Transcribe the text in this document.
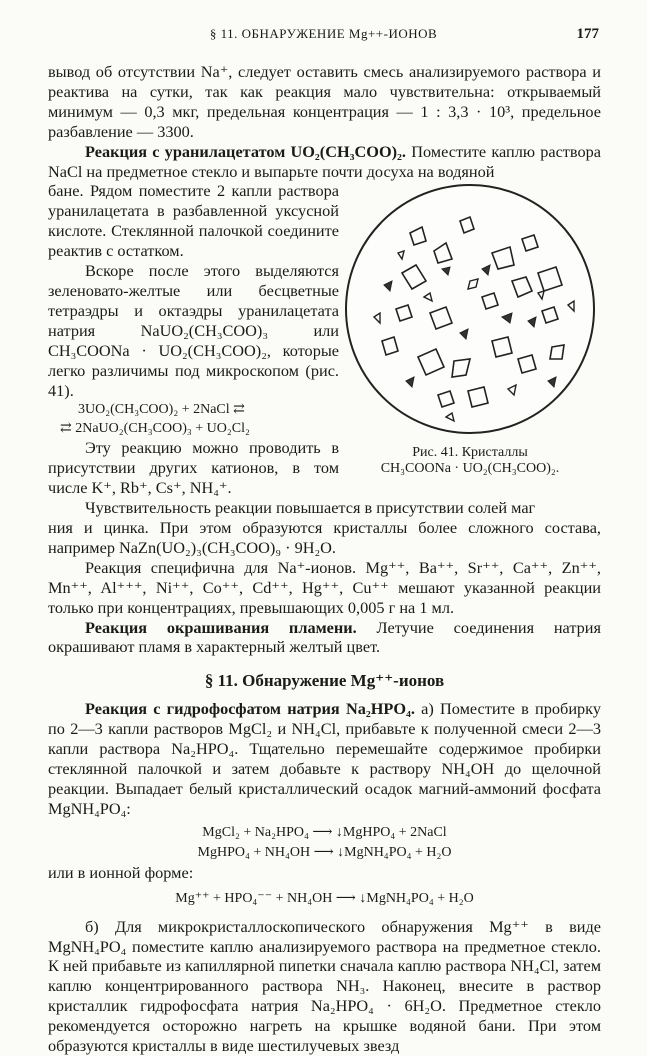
§ 11. ОБНАРУЖЕНИЕ Mg++-ИОНОВ	177

вывод об отсутствии Na⁺, следует оставить смесь анализируемого раствора и реактива на сутки, так как реакция мало чувствительна: открываемый минимум — 0,3 мкг, предельная концентрация — 1 : 3,3 · 10³, предельное разбавление — 3300.

Реакция с уранилацетатом UO₂(CH₃COO)₂. Поместите каплю раствора NaCl на предметное стекло и выпарьте почти досуха на водяной

Рис. 41. Кристаллы
CH₃COONa · UO₂(CH₃COO)₂.

бане. Рядом поместите 2 капли раствора уранилацетата в разбавленной уксусной кислоте. Стеклянной палочкой соедините реактив с остатком.

Вскоре после этого выделяются зеленовато-желтые или бесцветные тетраэдры и октаэдры уранилацетата натрия NaUO₂(CH₃COO)₃ или CH₃COONa · UO₂(CH₃COO)₂, которые легко различимы под микроскопом (рис. 41).

3UO₂(CH₃COO)₂ + 2NaCl ⇄
⇄ 2NaUO₂(CH₃COO)₃ + UO₂Cl₂

Эту реакцию можно проводить в присутствии других катионов, в том числе K⁺, Rb⁺, Cs⁺, NH₄⁺.

Чувствительность реакции повышается в присутствии солей маг

ния и цинка. При этом образуются кристаллы более сложного состава, например NaZn(UO₂)₃(CH₃COO)₉ · 9H₂O.

Реакция специфична для Na⁺-ионов. Mg⁺⁺, Ba⁺⁺, Sr⁺⁺, Ca⁺⁺, Zn⁺⁺, Mn⁺⁺, Al⁺⁺⁺, Ni⁺⁺, Co⁺⁺, Cd⁺⁺, Hg⁺⁺, Cu⁺⁺ мешают указанной реакции только при концентрациях, превышающих 0,005 г на 1 мл.

Реакция окрашивания пламени. Летучие соединения натрия окрашивают пламя в характерный желтый цвет.

§ 11. Обнаружение Mg⁺⁺-ионов

Реакция с гидрофосфатом натрия Na₂HPO₄. а) Поместите в пробирку по 2—3 капли растворов MgCl₂ и NH₄Cl, прибавьте к полученной смеси 2—3 капли раствора Na₂HPO₄. Тщательно перемешайте содержимое пробирки стеклянной палочкой и затем добавьте к раствору NH₄OH до щелочной реакции. Выпадает белый кристаллический осадок магний-аммоний фосфата MgNH₄PO₄:

MgCl₂ + Na₂HPO₄ ⟶ ↓MgHPO₄ + 2NaCl
MgHPO₄ + NH₄OH ⟶ ↓MgNH₄PO₄ + H₂O

или в ионной форме:

Mg⁺⁺ + HPO₄⁻⁻ + NH₄OH ⟶ ↓MgNH₄PO₄ + H₂O

б) Для микрокристаллоскопического обнаружения Mg⁺⁺ в виде MgNH₄PO₄ поместите каплю анализируемого раствора на предметное стекло. К ней прибавьте из капиллярной пипетки сначала каплю раствора NH₄Cl, затем каплю концентрированного раствора NH₃. Наконец, внесите в раствор кристаллик гидрофосфата натрия Na₂HPO₄ · 6H₂O. Предметное стекло рекомендуется осторожно нагреть на крышке водяной бани. При этом образуются кристаллы в виде шестилучевых звезд
